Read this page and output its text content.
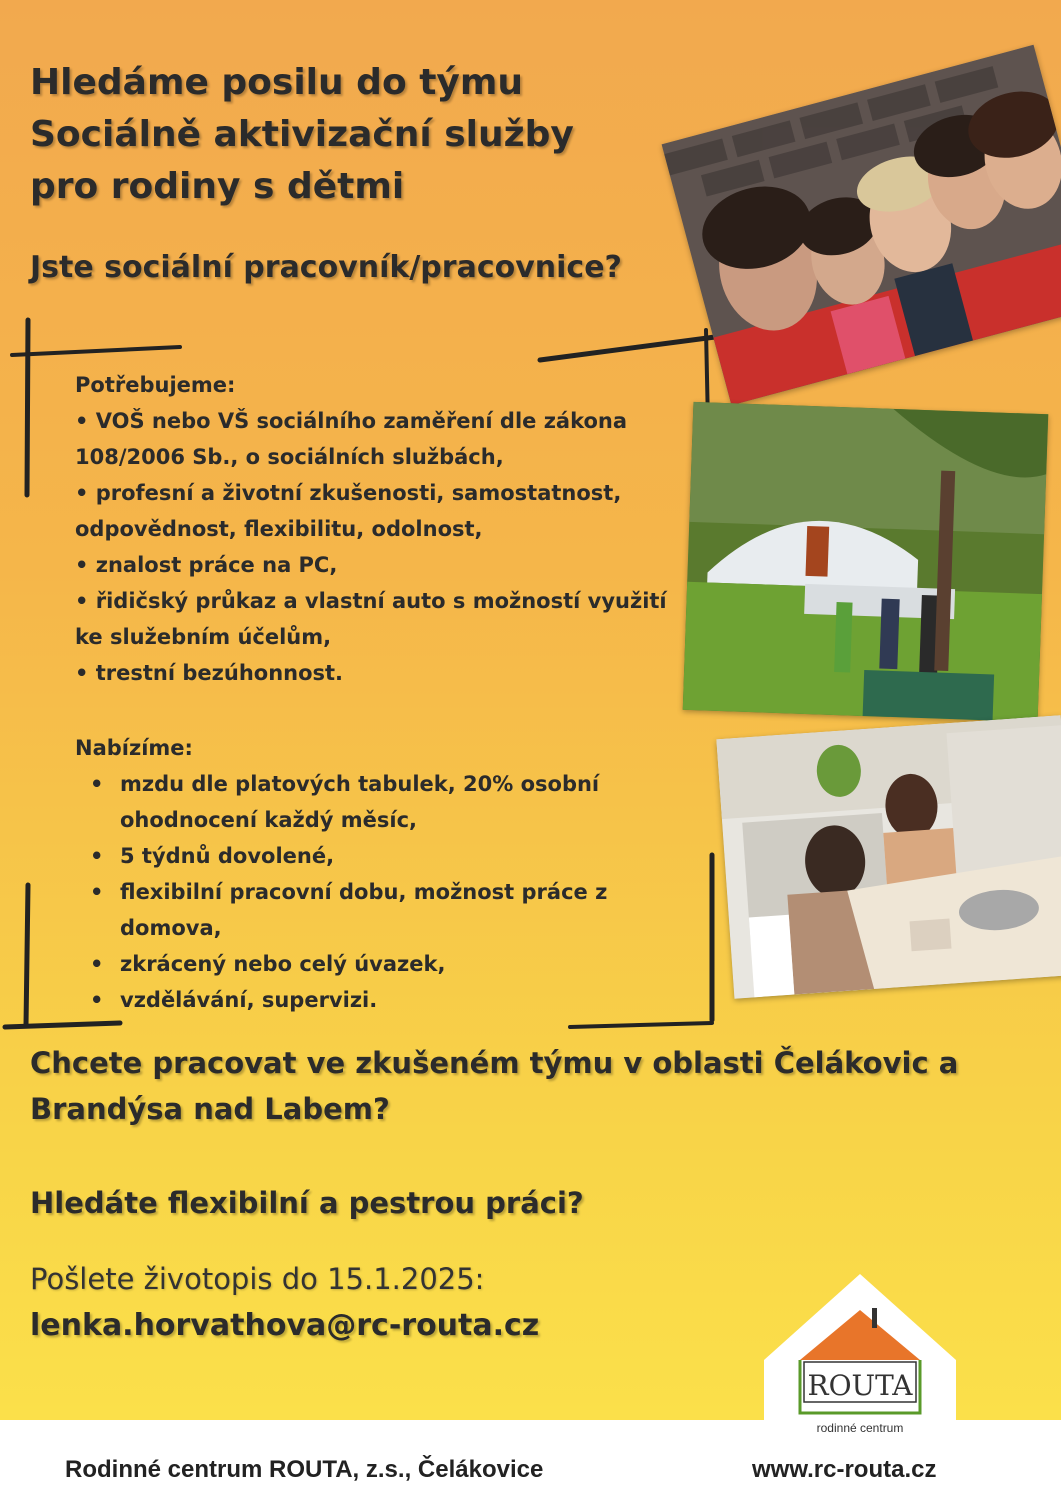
Hledáme posilu do týmu
Sociálně aktivizační služby
pro rodiny s dětmi
Jste sociální pracovník/pracovnice?
Potřebujeme:
• VOŠ nebo VŠ sociálního zaměření dle zákona 108/2006 Sb., o sociálních službách,
• profesní a životní zkušenosti, samostatnost, odpovědnost, flexibilitu, odolnost,
• znalost práce na PC,
• řidičský průkaz a vlastní auto s možností využití ke služebním účelům,
• trestní bezúhonnost.
Nabízíme:
• mzdu dle platových tabulek, 20% osobní ohodnocení každý měsíc,
• 5 týdnů dovolené,
• flexibilní pracovní dobu, možnost práce z domova,
• zkrácený nebo celý úvazek,
• vzdělávání, supervizi.
Chcete pracovat ve zkušeném týmu v oblasti Čelákovic a Brandýsa nad Labem?
Hledáte flexibilní a pestrou práci?
Pošlete životopis do 15.1.2025:
lenka.horvathova@rc-routa.cz
Rodinné centrum ROUTA, z.s., Čelákovice	www.rc-routa.cz
ROUTA
rodinné centrum
